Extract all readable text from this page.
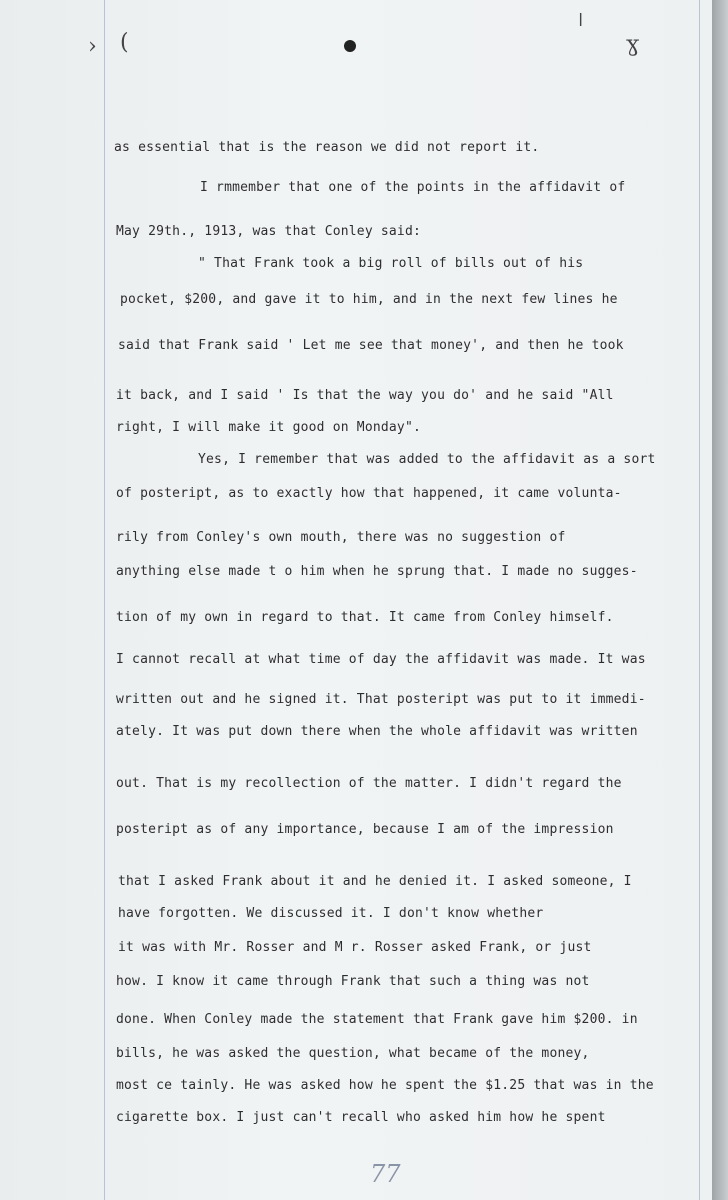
› (
ǀ
ɣ
as essential that is the reason we did not report it.
I rmmember that one of the points in the affidavit of
May 29th., 1913, was that Conley said:
" That Frank took a big roll of bills out of his
pocket, $200, and gave it to him, and in the next few lines he
said that Frank said ' Let me see that money', and then he took
it back, and I said ' Is that the way you do' and he said "All
right, I will make it good on Monday".
Yes, I remember that was added to the affidavit as a sort
of posteript, as to exactly how that happened, it came volunta-
rily from Conley's own mouth, there was no suggestion of
anything else made t o him when he sprung that. I made no sugges-
tion of my own in regard to that. It came from Conley himself.
I cannot recall at what time of day the affidavit was made. It was
written out and he signed it. That posteript was put to it immedi-
ately. It was put down there when the whole affidavit was written
out. That is my recollection of the matter. I didn't regard the
posteript as of any importance, because I am of the impression
that I asked Frank about it and he denied it. I asked someone, I
have forgotten. We discussed it. I don't know whether
it was with Mr. Rosser and M r. Rosser asked Frank, or just
how. I know it came through Frank that such a thing was not
done. When Conley made the statement that Frank gave him $200. in
bills, he was asked the question, what became of the money,
most ce tainly. He was asked how he spent the $1.25 that was in the
cigarette box. I just can't recall who asked him how he spent
77
